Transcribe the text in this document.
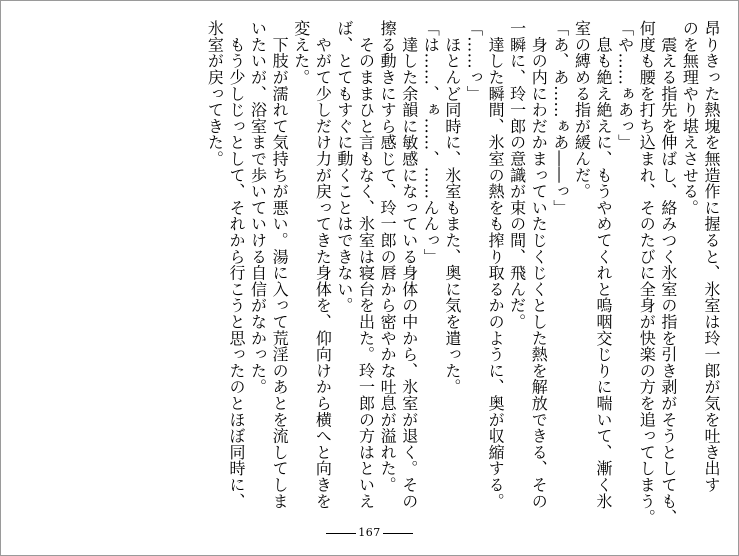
昂りきった熱塊を無造作に握ると、氷室は玲一郎が気を吐き出す
のを無理やり堪えさせる。
　震える指先を伸ばし、絡みつく氷室の指を引き剥がそうとしても、
何度も腰を打ち込まれ、そのたびに全身が快楽の方を追ってしまう。
「や……ぁあっ」
　息も絶え絶えに、もうやめてくれと嗚咽交じりに喘いて、漸く氷
室の縛める指が緩んだ。
「あ、あ……ぁあ――っ」
　身の内にわだかまっていたじくじくとした熱を解放できる、その
一瞬に、玲一郎の意識が束の間、飛んだ。
　達した瞬間、氷室の熱をも搾り取るかのように、奥が収縮する。
「……っ」
　ほとんど同時に、氷室もまた、奥に気を遣った。
「は……、ぁ……、……んんっ」
　達した余韻に敏感になっている身体の中から、氷室が退く。その
擦る動きにすら感じて、玲一郎の唇から密やかな吐息が溢れた。
　そのままひと言もなく、氷室は寝台を出た。玲一郎の方はといえ
ば、とてもすぐに動くことはできない。
　やがて少しだけ力が戻ってきた身体を、仰向けから横へと向きを
変えた。
　下肢が濡れて気持ちが悪い。湯に入って荒淫のあとを流してしま
いたいが、浴室まで歩いていける自信がなかった。
　もう少しじっとして、それから行こうと思ったのとほぼ同時に、
氷室が戻ってきた。
167
